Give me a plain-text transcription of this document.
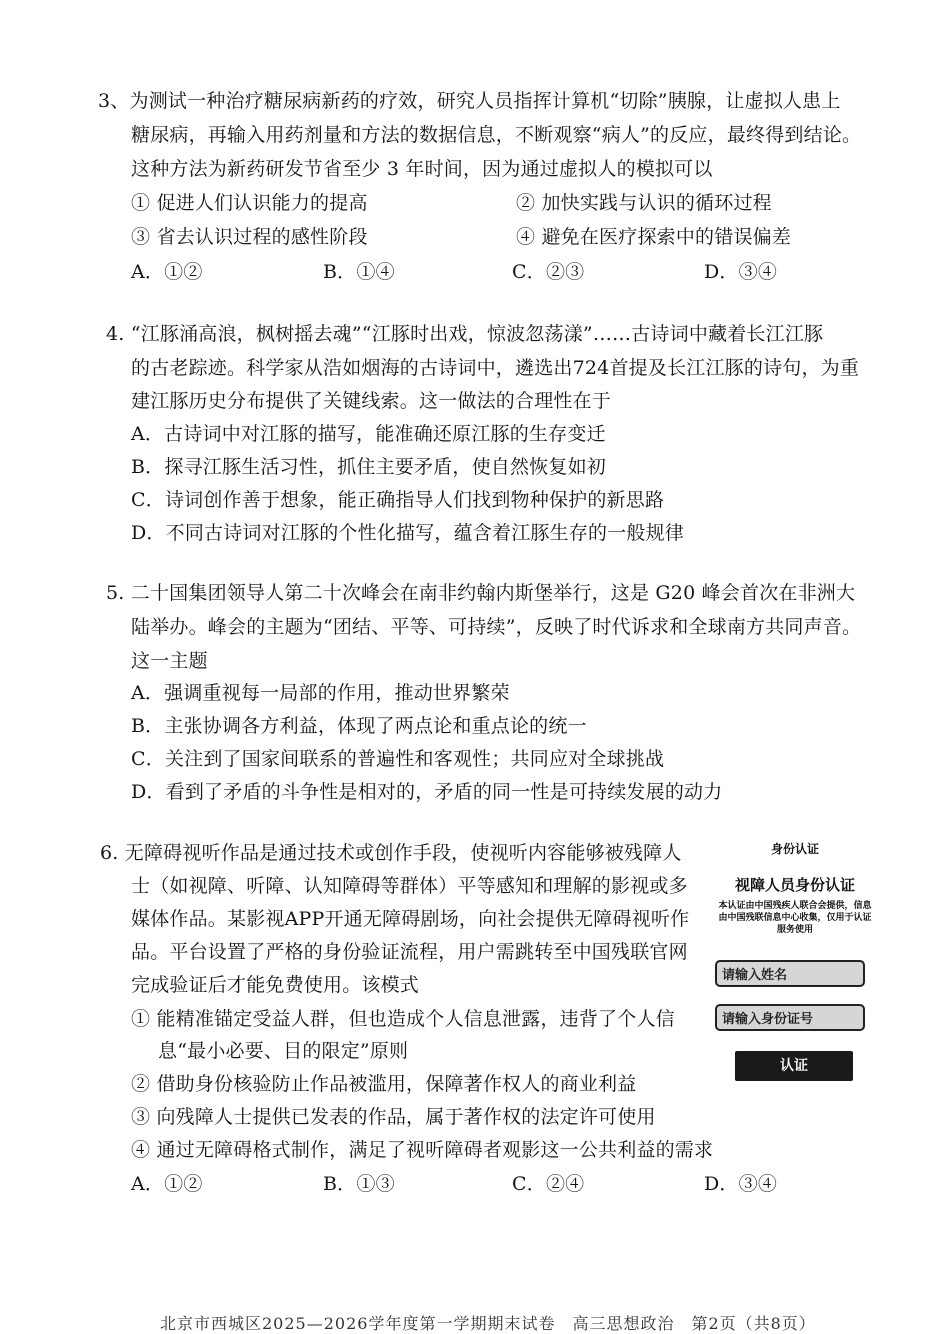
3、为测试一种治疗糖尿病新药的疗效，研究人员指挥计算机“切除”胰腺，让虚拟人患上
糖尿病，再输入用药剂量和方法的数据信息，不断观察“病人”的反应，最终得到结论。
这种方法为新药研发节省至少 3 年时间，因为通过虚拟人的模拟可以
① 促进人们认识能力的提高	② 加快实践与认识的循环过程
③ 省去认识过程的感性阶段	④ 避免在医疗探索中的错误偏差
A．①②	B．①④	C．②③	D．③④
4. “江豚涌高浪，枫树摇去魂”“江豚时出戏，惊波忽荡漾”……古诗词中藏着长江江豚
的古老踪迹。科学家从浩如烟海的古诗词中，遴选出724首提及长江江豚的诗句，为重
建江豚历史分布提供了关键线索。这一做法的合理性在于
A．古诗词中对江豚的描写，能准确还原江豚的生存变迁
B．探寻江豚生活习性，抓住主要矛盾，使自然恢复如初
C．诗词创作善于想象，能正确指导人们找到物种保护的新思路
D．不同古诗词对江豚的个性化描写，蕴含着江豚生存的一般规律
5. 二十国集团领导人第二十次峰会在南非约翰内斯堡举行，这是 G20 峰会首次在非洲大
陆举办。峰会的主题为“团结、平等、可持续”，反映了时代诉求和全球南方共同声音。
这一主题
A．强调重视每一局部的作用，推动世界繁荣
B．主张协调各方利益，体现了两点论和重点论的统一
C．关注到了国家间联系的普遍性和客观性；共同应对全球挑战
D．看到了矛盾的斗争性是相对的，矛盾的同一性是可持续发展的动力
6. 无障碍视听作品是通过技术或创作手段，使视听内容能够被残障人
士（如视障、听障、认知障碍等群体）平等感知和理解的影视或多
媒体作品。某影视APP开通无障碍剧场，向社会提供无障碍视听作
品。平台设置了严格的身份验证流程，用户需跳转至中国残联官网
完成验证后才能免费使用。该模式
① 能精准锚定受益人群，但也造成个人信息泄露，违背了个人信
息“最小必要、目的限定”原则
② 借助身份核验防止作品被滥用，保障著作权人的商业利益
③ 向残障人士提供已发表的作品，属于著作权的法定许可使用
④ 通过无障碍格式制作，满足了视听障碍者观影这一公共利益的需求
A．①②	B．①③	C．②④	D．③④
身份认证
视障人员身份认证
本认证由中国残疾人联合会提供，信息由中国残联信息中心收集，仅用于认证服务使用
请输入姓名
请输入身份证号
认证
北京市西城区2025—2026学年度第一学期期末试卷　高三思想政治　第2页（共8页）
